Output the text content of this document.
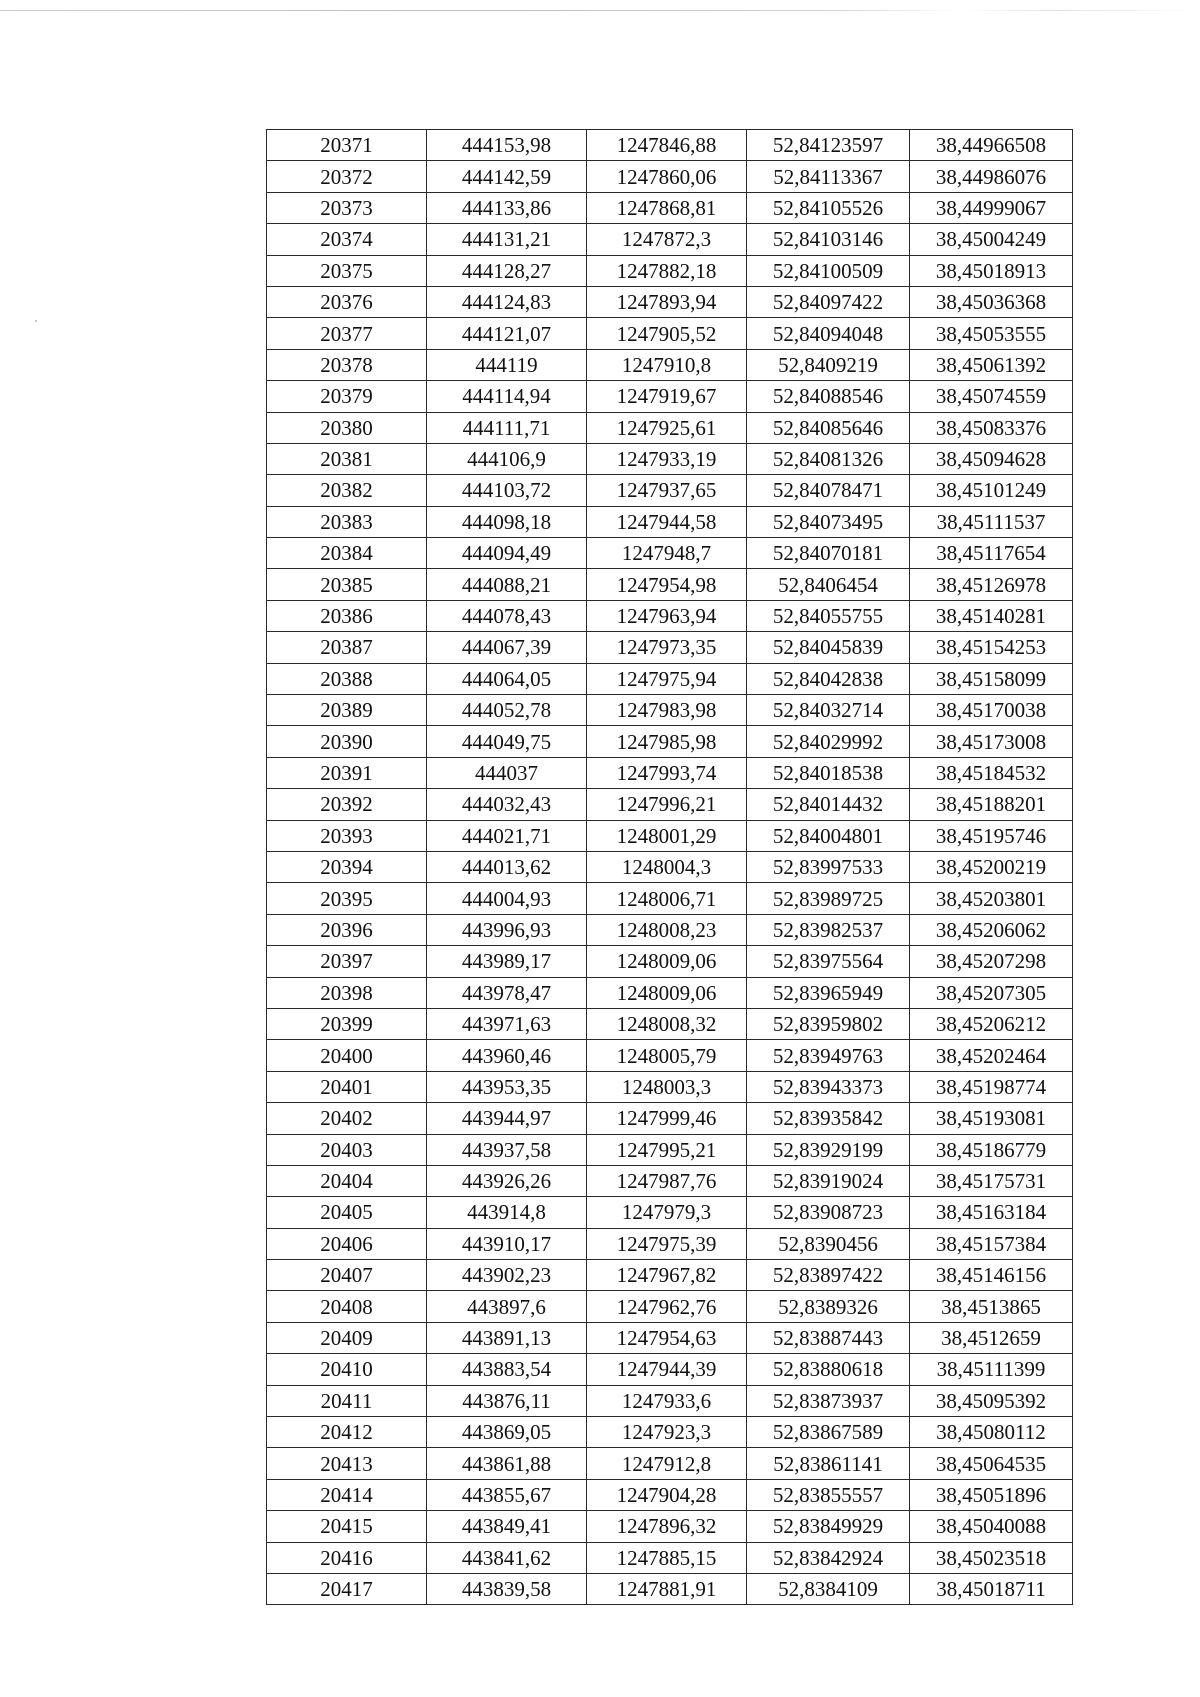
20371	444153,98	1247846,88	52,84123597	38,44966508
20372	444142,59	1247860,06	52,84113367	38,44986076
20373	444133,86	1247868,81	52,84105526	38,44999067
20374	444131,21	1247872,3	52,84103146	38,45004249
20375	444128,27	1247882,18	52,84100509	38,45018913
20376	444124,83	1247893,94	52,84097422	38,45036368
20377	444121,07	1247905,52	52,84094048	38,45053555
20378	444119	1247910,8	52,8409219	38,45061392
20379	444114,94	1247919,67	52,84088546	38,45074559
20380	444111,71	1247925,61	52,84085646	38,45083376
20381	444106,9	1247933,19	52,84081326	38,45094628
20382	444103,72	1247937,65	52,84078471	38,45101249
20383	444098,18	1247944,58	52,84073495	38,45111537
20384	444094,49	1247948,7	52,84070181	38,45117654
20385	444088,21	1247954,98	52,8406454	38,45126978
20386	444078,43	1247963,94	52,84055755	38,45140281
20387	444067,39	1247973,35	52,84045839	38,45154253
20388	444064,05	1247975,94	52,84042838	38,45158099
20389	444052,78	1247983,98	52,84032714	38,45170038
20390	444049,75	1247985,98	52,84029992	38,45173008
20391	444037	1247993,74	52,84018538	38,45184532
20392	444032,43	1247996,21	52,84014432	38,45188201
20393	444021,71	1248001,29	52,84004801	38,45195746
20394	444013,62	1248004,3	52,83997533	38,45200219
20395	444004,93	1248006,71	52,83989725	38,45203801
20396	443996,93	1248008,23	52,83982537	38,45206062
20397	443989,17	1248009,06	52,83975564	38,45207298
20398	443978,47	1248009,06	52,83965949	38,45207305
20399	443971,63	1248008,32	52,83959802	38,45206212
20400	443960,46	1248005,79	52,83949763	38,45202464
20401	443953,35	1248003,3	52,83943373	38,45198774
20402	443944,97	1247999,46	52,83935842	38,45193081
20403	443937,58	1247995,21	52,83929199	38,45186779
20404	443926,26	1247987,76	52,83919024	38,45175731
20405	443914,8	1247979,3	52,83908723	38,45163184
20406	443910,17	1247975,39	52,8390456	38,45157384
20407	443902,23	1247967,82	52,83897422	38,45146156
20408	443897,6	1247962,76	52,8389326	38,4513865
20409	443891,13	1247954,63	52,83887443	38,4512659
20410	443883,54	1247944,39	52,83880618	38,45111399
20411	443876,11	1247933,6	52,83873937	38,45095392
20412	443869,05	1247923,3	52,83867589	38,45080112
20413	443861,88	1247912,8	52,83861141	38,45064535
20414	443855,67	1247904,28	52,83855557	38,45051896
20415	443849,41	1247896,32	52,83849929	38,45040088
20416	443841,62	1247885,15	52,83842924	38,45023518
20417	443839,58	1247881,91	52,8384109	38,45018711
